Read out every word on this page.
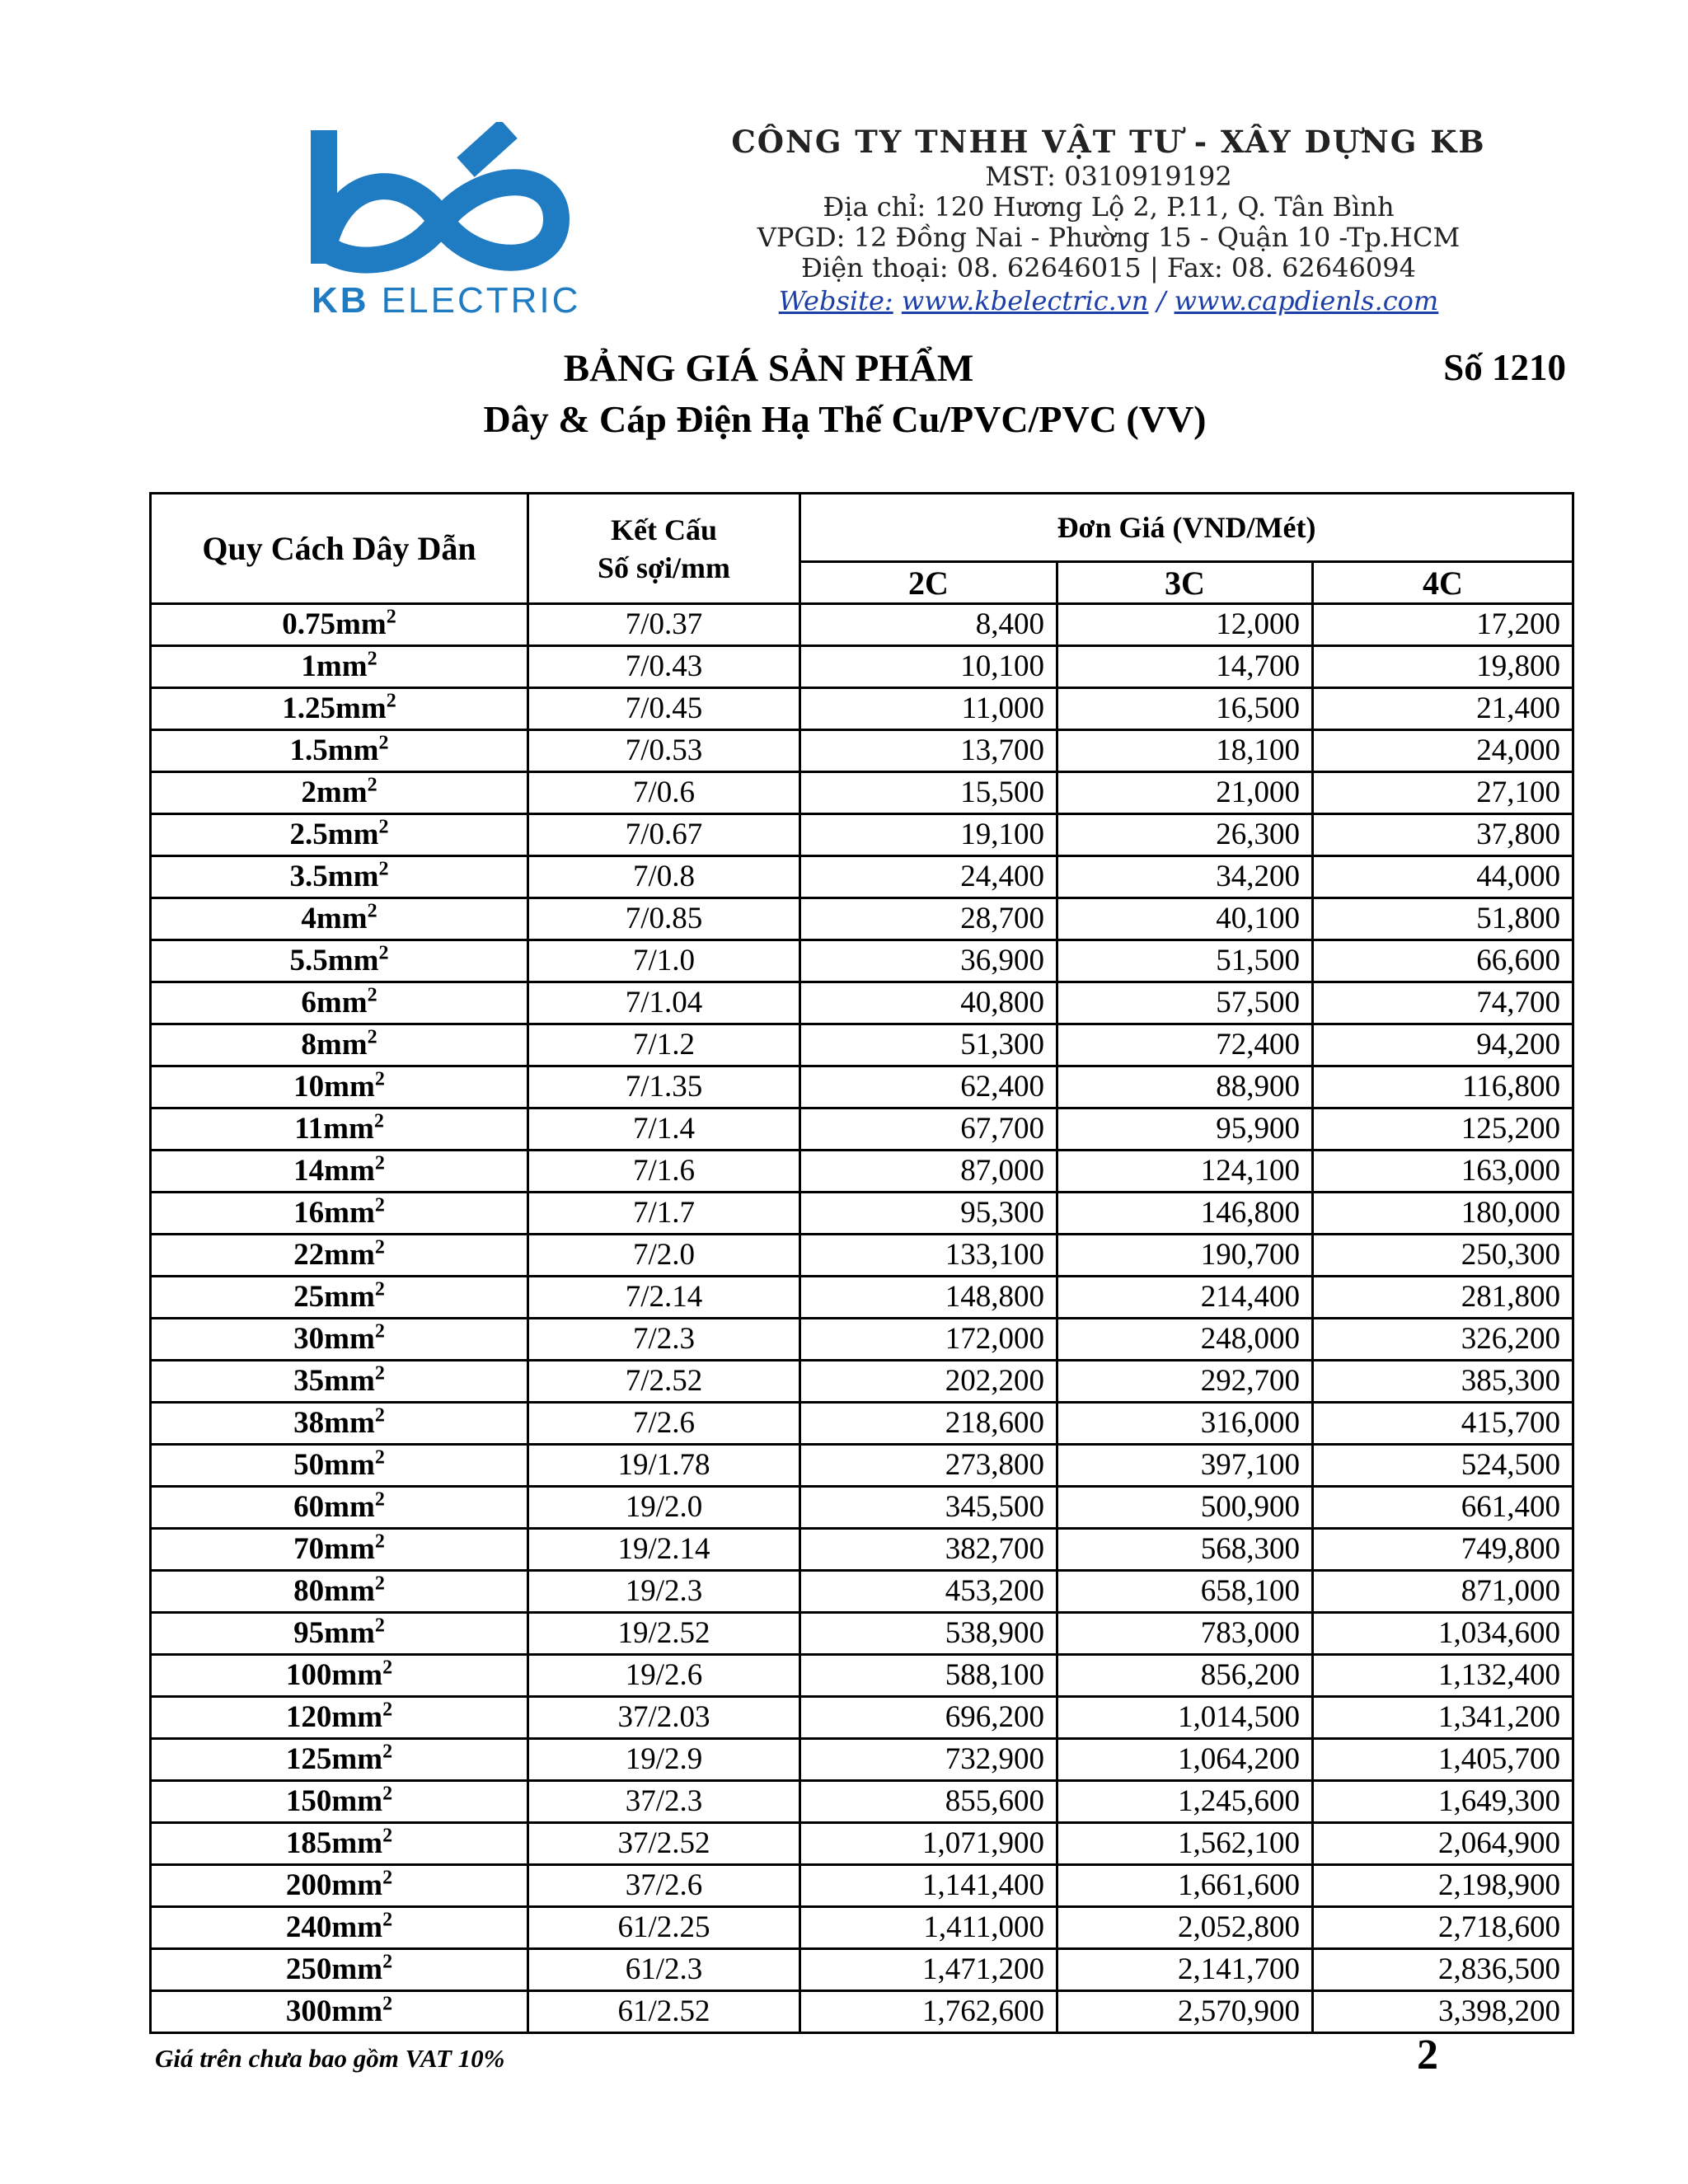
KB ELECTRIC
CÔNG TY TNHH VẬT TƯ - XÂY DỰNG KB
MST: 0310919192
Địa chỉ: 120 Hương Lộ 2, P.11, Q. Tân Bình
VPGD: 12 Đồng Nai - Phường 15 - Quận 10 -Tp.HCM
Điện thoại: 08. 62646015 | Fax: 08. 62646094
Website: www.kbelectric.vn / www.capdienls.com
BẢNG GIÁ SẢN PHẨM	Số 1210
Dây & Cáp Điện Hạ Thế Cu/PVC/PVC (VV)
Quy Cách Dây Dẫn	Kết Cấu
Số sợi/mm	Đơn Giá (VND/Mét)		
		2C	3C	4C
$0.75mm^2$	7/0.37	8,400	12,000	17,200
$1mm^2$	7/0.43	10,100	14,700	19,800
$1.25mm^2$	7/0.45	11,000	16,500	21,400
$1.5mm^2$	7/0.53	13,700	18,100	24,000
$2mm^2$	7/0.6	15,500	21,000	27,100
$2.5mm^2$	7/0.67	19,100	26,300	37,800
$3.5mm^2$	7/0.8	24,400	34,200	44,000
$4mm^2$	7/0.85	28,700	40,100	51,800
$5.5mm^2$	7/1.0	36,900	51,500	66,600
$6mm^2$	7/1.04	40,800	57,500	74,700
$8mm^2$	7/1.2	51,300	72,400	94,200
$10mm^2$	7/1.35	62,400	88,900	116,800
$11mm^2$	7/1.4	67,700	95,900	125,200
$14mm^2$	7/1.6	87,000	124,100	163,000
$16mm^2$	7/1.7	95,300	146,800	180,000
$22mm^2$	7/2.0	133,100	190,700	250,300
$25mm^2$	7/2.14	148,800	214,400	281,800
$30mm^2$	7/2.3	172,000	248,000	326,200
$35mm^2$	7/2.52	202,200	292,700	385,300
$38mm^2$	7/2.6	218,600	316,000	415,700
$50mm^2$	19/1.78	273,800	397,100	524,500
$60mm^2$	19/2.0	345,500	500,900	661,400
$70mm^2$	19/2.14	382,700	568,300	749,800
$80mm^2$	19/2.3	453,200	658,100	871,000
$95mm^2$	19/2.52	538,900	783,000	1,034,600
$100mm^2$	19/2.6	588,100	856,200	1,132,400
$120mm^2$	37/2.03	696,200	1,014,500	1,341,200
$125mm^2$	19/2.9	732,900	1,064,200	1,405,700
$150mm^2$	37/2.3	855,600	1,245,600	1,649,300
$185mm^2$	37/2.52	1,071,900	1,562,100	2,064,900
$200mm^2$	37/2.6	1,141,400	1,661,600	2,198,900
$240mm^2$	61/2.25	1,411,000	2,052,800	2,718,600
$250mm^2$	61/2.3	1,471,200	2,141,700	2,836,500
$300mm^2$	61/2.52	1,762,600	2,570,900	3,398,200
Giá trên chưa bao gồm VAT 10%	2
